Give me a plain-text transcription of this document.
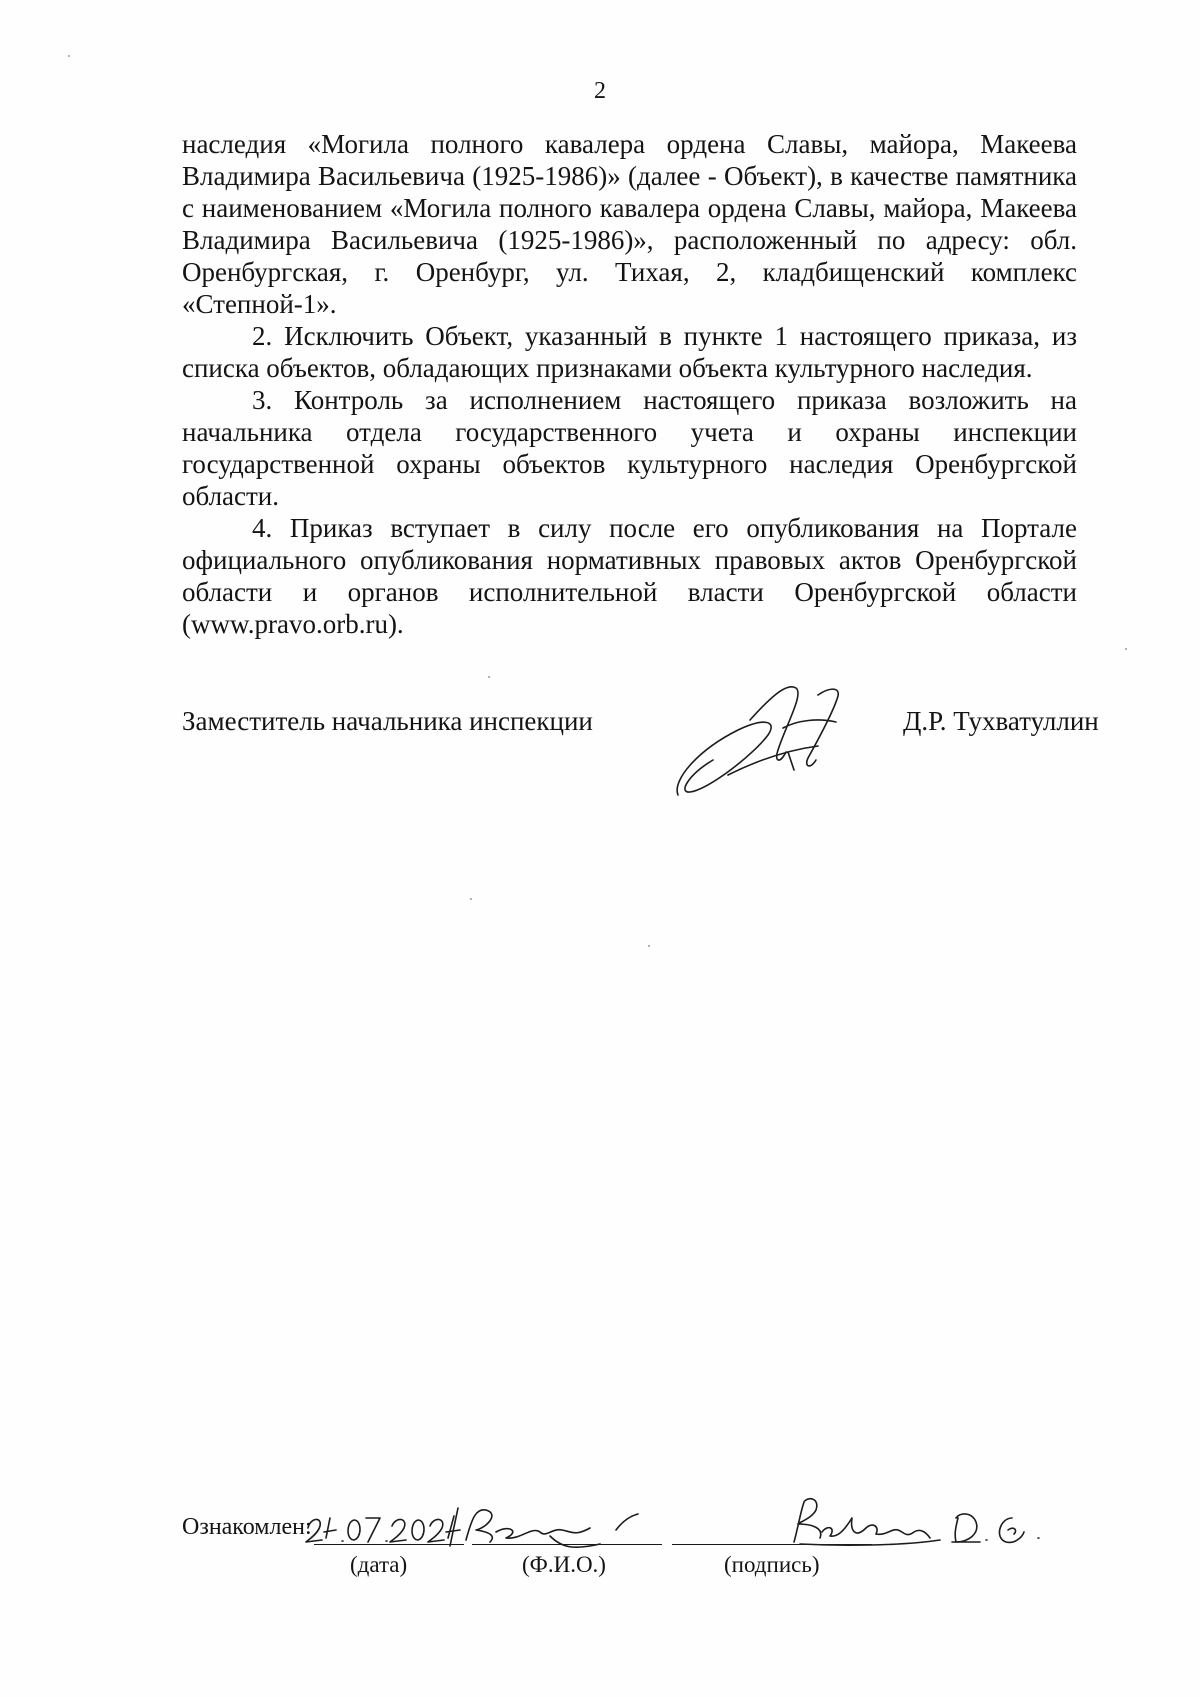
2

наследия «Могила полного кавалера ордена Славы, майора, Макеева Владимира Васильевича (1925-1986)» (далее - Объект), в качестве памятника с наименованием «Могила полного кавалера ордена Славы, майора, Макеева Владимира Васильевича (1925-1986)», расположенный по адресу: обл. Оренбургская, г. Оренбург, ул. Тихая, 2, кладбищенский комплекс «Степной-1».

2. Исключить Объект, указанный в пункте 1 настоящего приказа, из списка объектов, обладающих признаками объекта культурного наследия.

3. Контроль за исполнением настоящего приказа возложить на начальника отдела государственного учета и охраны инспекции государственной охраны объектов культурного наследия Оренбургской области.

4. Приказ вступает в силу после его опубликования на Портале официального опубликования нормативных правовых актов Оренбургской области и органов исполнительной власти Оренбургской области (www.pravo.orb.ru).

Заместитель начальника инспекции	Д.Р. Тухватуллин
Ознакомлен:
(дата)	(Ф.И.О.)	(подпись)
